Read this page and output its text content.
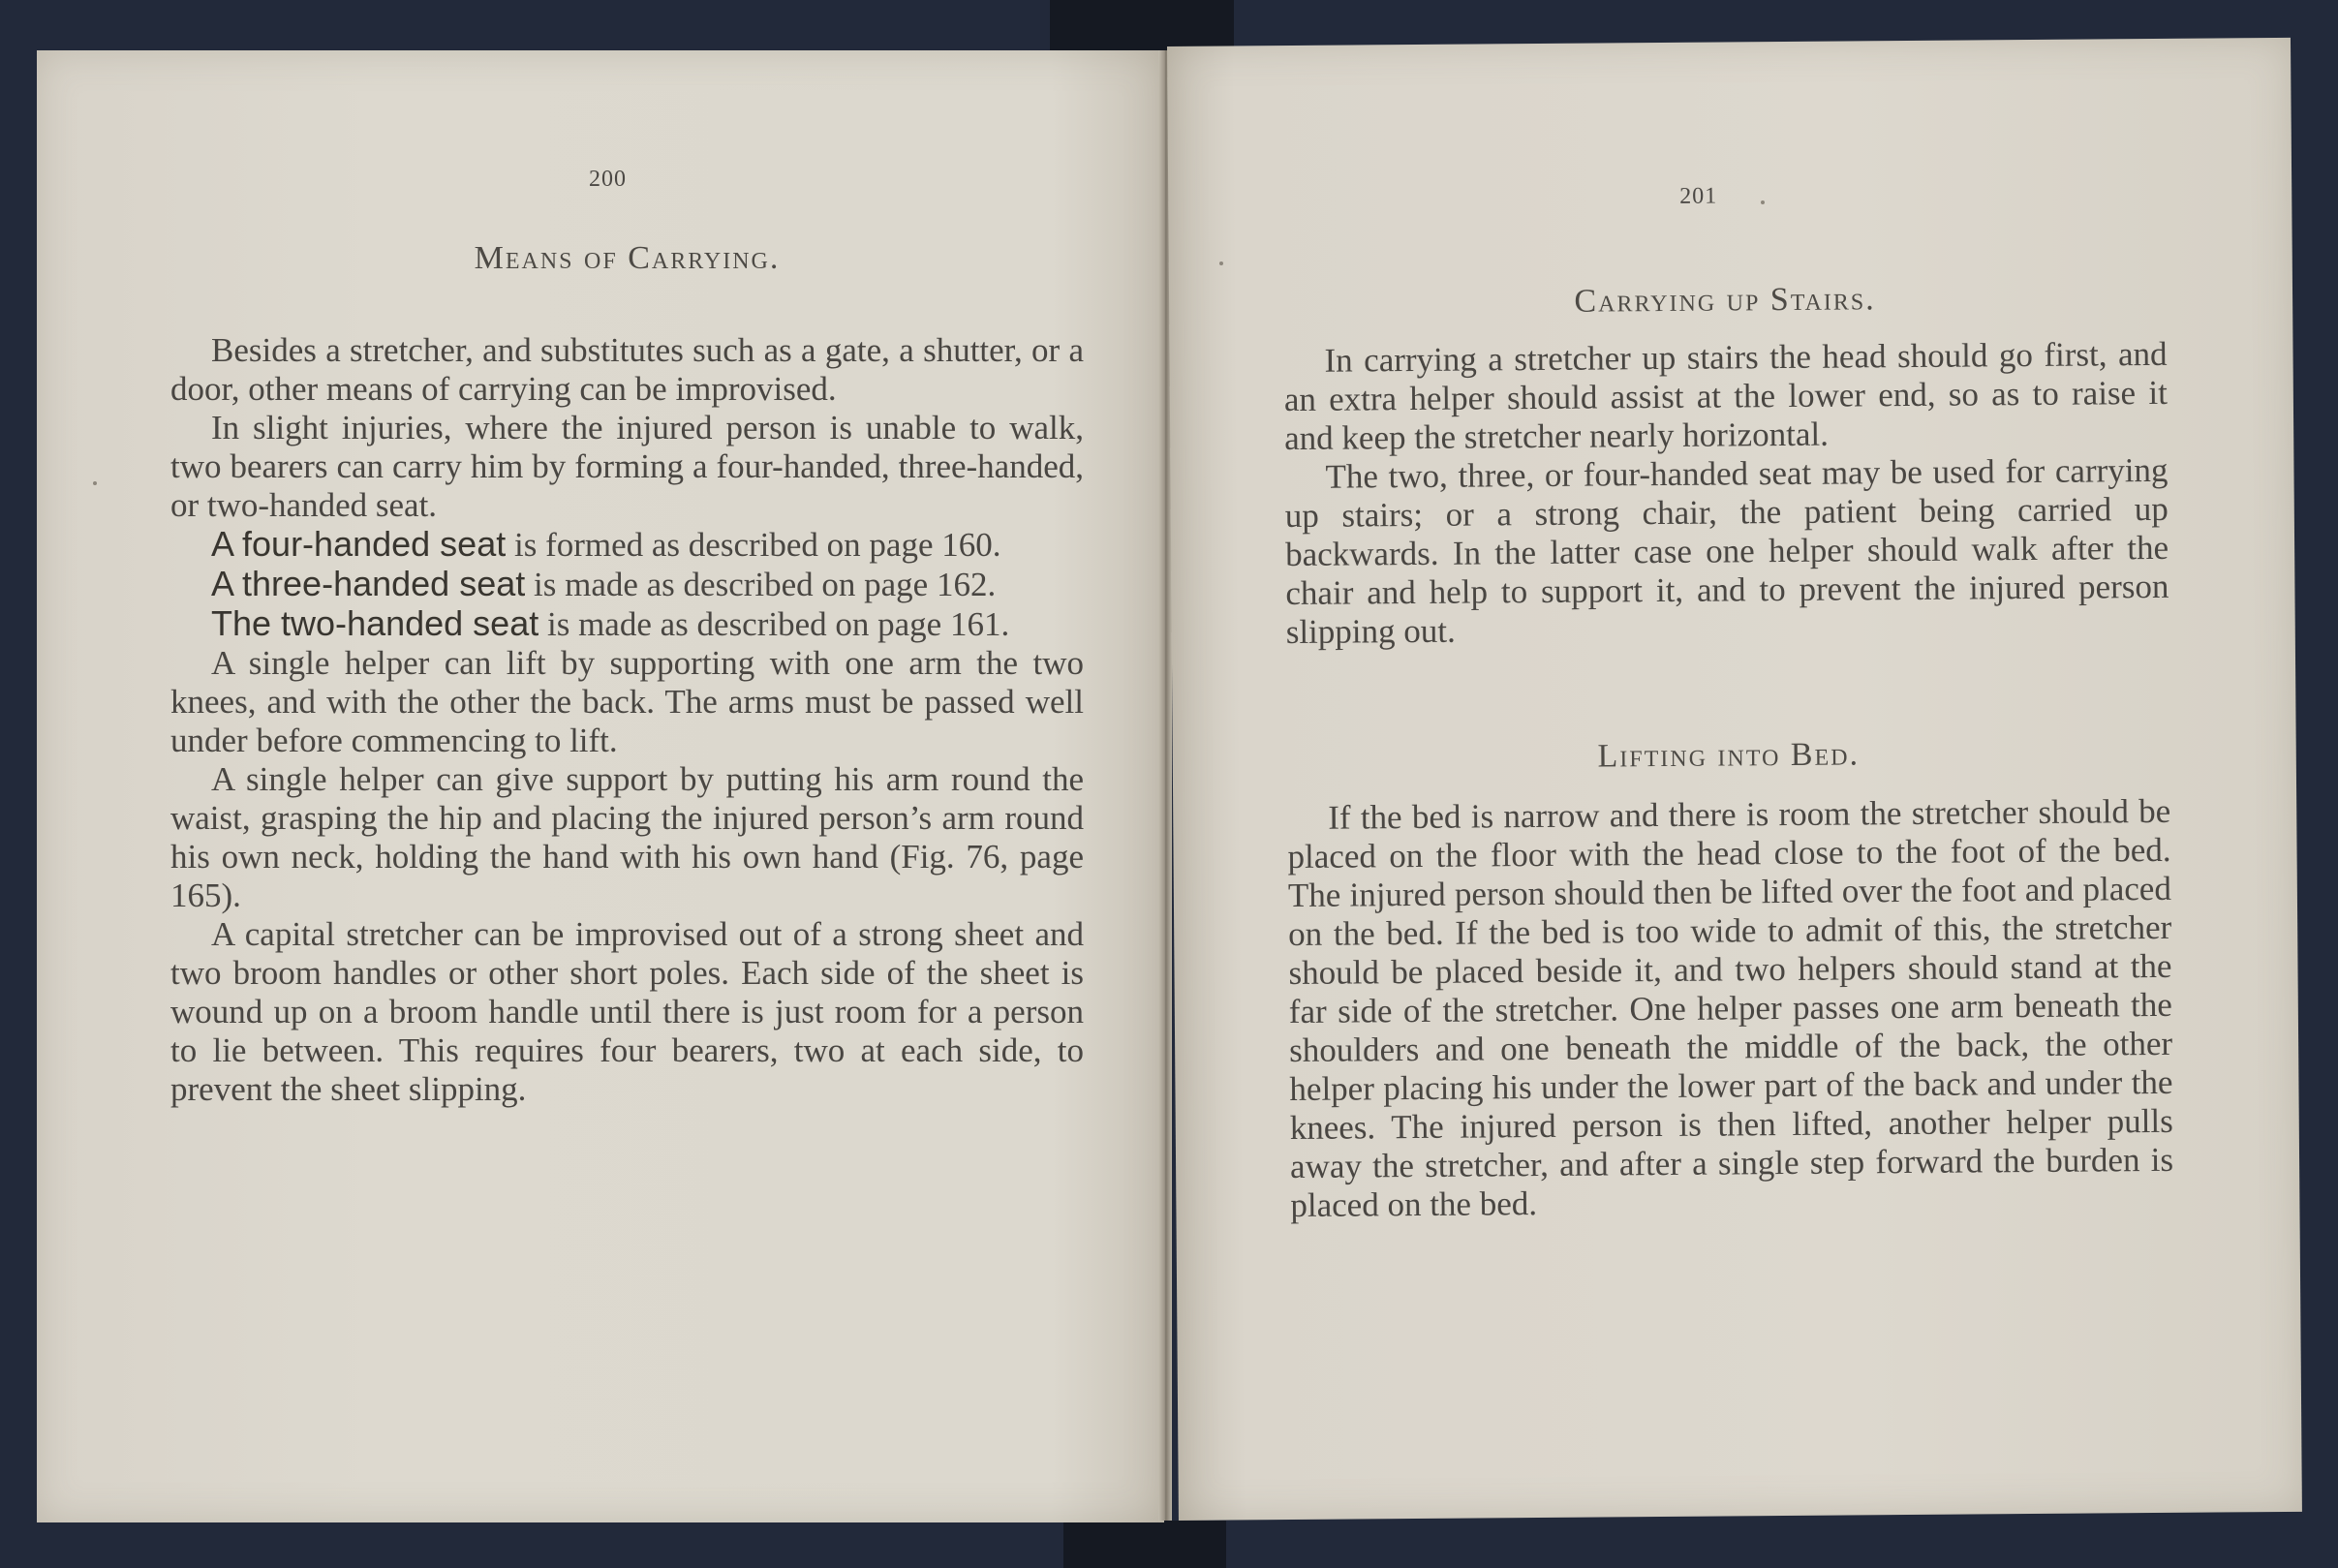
200
Means of Carrying.

Besides a stretcher, and substitutes such as a gate, a shutter, or a door, other means of carrying can be improvised.

In slight injuries, where the injured person is unable to walk, two bearers can carry him by forming a four-handed, three-handed, or two-handed seat.

A four-handed seat is formed as described on page 160.

A three-handed seat is made as described on page 162.

The two-handed seat is made as described on page 161.

A single helper can lift by supporting with one arm the two knees, and with the other the back. The arms must be passed well under before commencing to lift.

A single helper can give support by putting his arm round the waist, grasping the hip and placing the injured person’s arm round his own neck, holding the hand with his own hand (Fig. 76, page 165).

A capital stretcher can be improvised out of a strong sheet and two broom handles or other short poles. Each side of the sheet is wound up on a broom handle until there is just room for a person to lie between. This requires four bearers, two at each side, to prevent the sheet slipping.

201
Carrying up Stairs.

In carrying a stretcher up stairs the head should go first, and an extra helper should assist at the lower end, so as to raise it and keep the stretcher nearly horizontal.

The two, three, or four-handed seat may be used for carrying up stairs; or a strong chair, the patient being carried up backwards. In the latter case one helper should walk after the chair and help to support it, and to prevent the injured person slipping out.

Lifting into Bed.

If the bed is narrow and there is room the stretcher should be placed on the floor with the head close to the foot of the bed. The injured person should then be lifted over the foot and placed on the bed. If the bed is too wide to admit of this, the stretcher should be placed beside it, and two helpers should stand at the far side of the stretcher. One helper passes one arm beneath the shoulders and one beneath the middle of the back, the other helper placing his under the lower part of the back and under the knees. The injured person is then lifted, another helper pulls away the stretcher, and after a single step forward the burden is placed on the bed.
